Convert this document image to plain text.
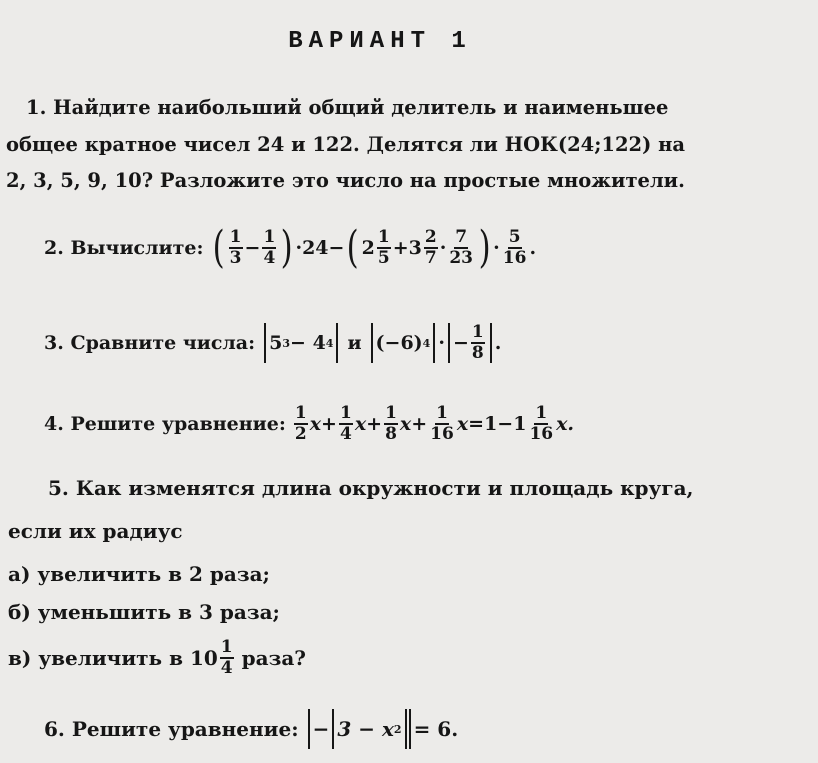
ВАРИАНТ 1
1. Найдите наибольший общий делитель и наименьшее
общее кратное чисел 24 и 122. Делятся ли НОК(24;122) на
2, 3, 5, 9, 10? Разложите это число на простые множители.
2. Вычислите: ( $\frac{1}{3} - \frac{1}{4}$ ) ·24− ( $2 \frac{1}{5} + 3 \frac{2}{7} \cdot \frac{7}{23}$ ) · $\frac{5}{16}$ .
3. Сравните числа: 5 3 − 4 4 и (−6) 4 · − $\frac{1}{8}$ .
4. Решите уравнение: $\frac{1}{2}$ $x + \frac{1}{4}$ $x + \frac{1}{8}$ $x + \frac{1}{16}$ $x =1-1 \frac{1}{16} x$.
5. Как изменятся длина окружности и площадь круга,
если их радиус
а) увеличить в 2 раза;
б) уменьшить в 3 раза;
в) увеличить в $10 \frac{1}{4}$ раза?
6. Решите уравнение: − 3 − x 2 = 6.
